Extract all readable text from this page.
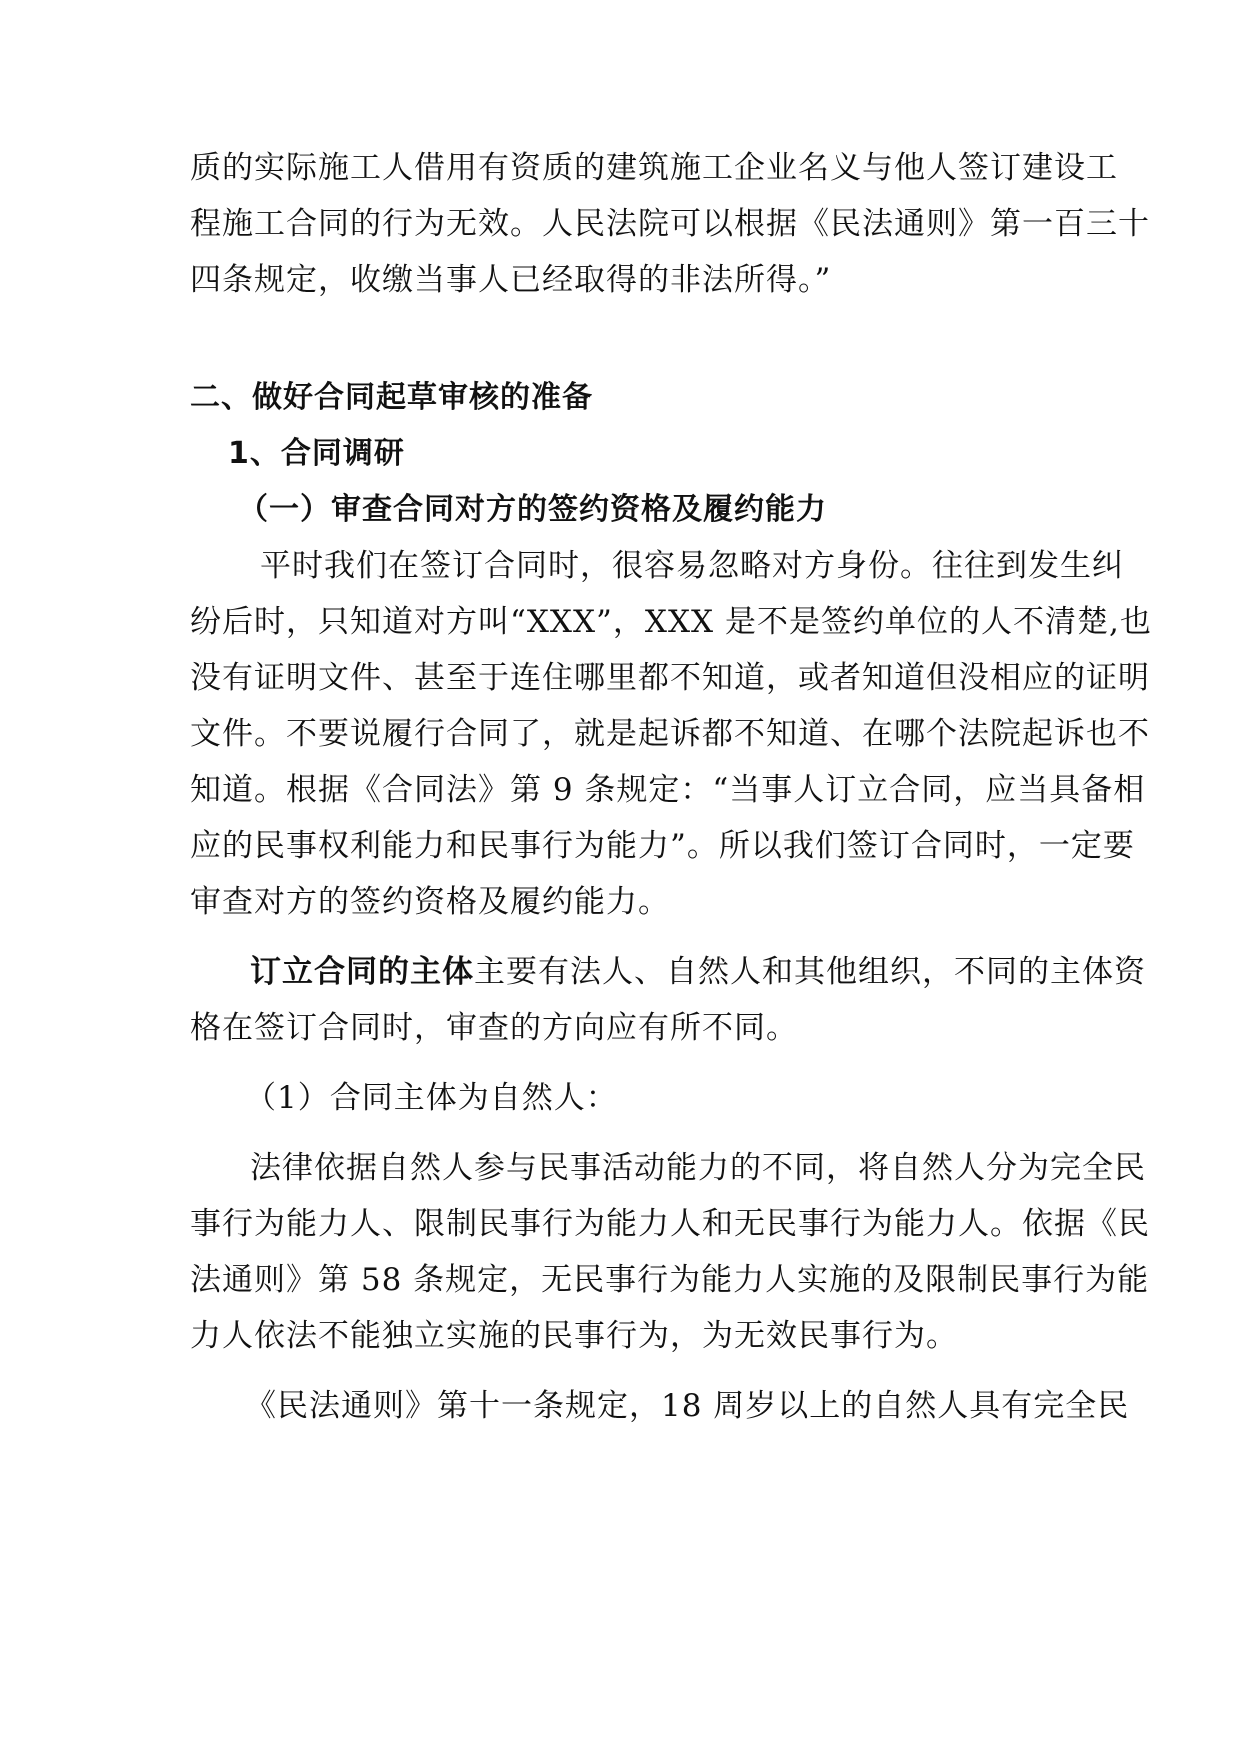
质的实际施工人借用有资质的建筑施工企业名义与他人签订建设工
程施工合同的行为无效。人民法院可以根据《民法通则》第一百三十
四条规定，收缴当事人已经取得的非法所得。”
二、做好合同起草审核的准备
1、合同调研
（一）审查合同对方的签约资格及履约能力
平时我们在签订合同时，很容易忽略对方身份。往往到发生纠
纷后时，只知道对方叫“XXX”，XXX 是不是签约单位的人不清楚,也
没有证明文件、甚至于连住哪里都不知道，或者知道但没相应的证明
文件。不要说履行合同了，就是起诉都不知道、在哪个法院起诉也不
知道。根据《合同法》第 9 条规定：“当事人订立合同，应当具备相
应的民事权利能力和民事行为能力”。所以我们签订合同时，一定要
审查对方的签约资格及履约能力。
订立合同的主体主要有法人、自然人和其他组织，不同的主体资
格在签订合同时，审查的方向应有所不同。
（1）合同主体为自然人：
法律依据自然人参与民事活动能力的不同，将自然人分为完全民
事行为能力人、限制民事行为能力人和无民事行为能力人。依据《民
法通则》第 58 条规定，无民事行为能力人实施的及限制民事行为能
力人依法不能独立实施的民事行为，为无效民事行为。
《民法通则》第十一条规定，18 周岁以上的自然人具有完全民
